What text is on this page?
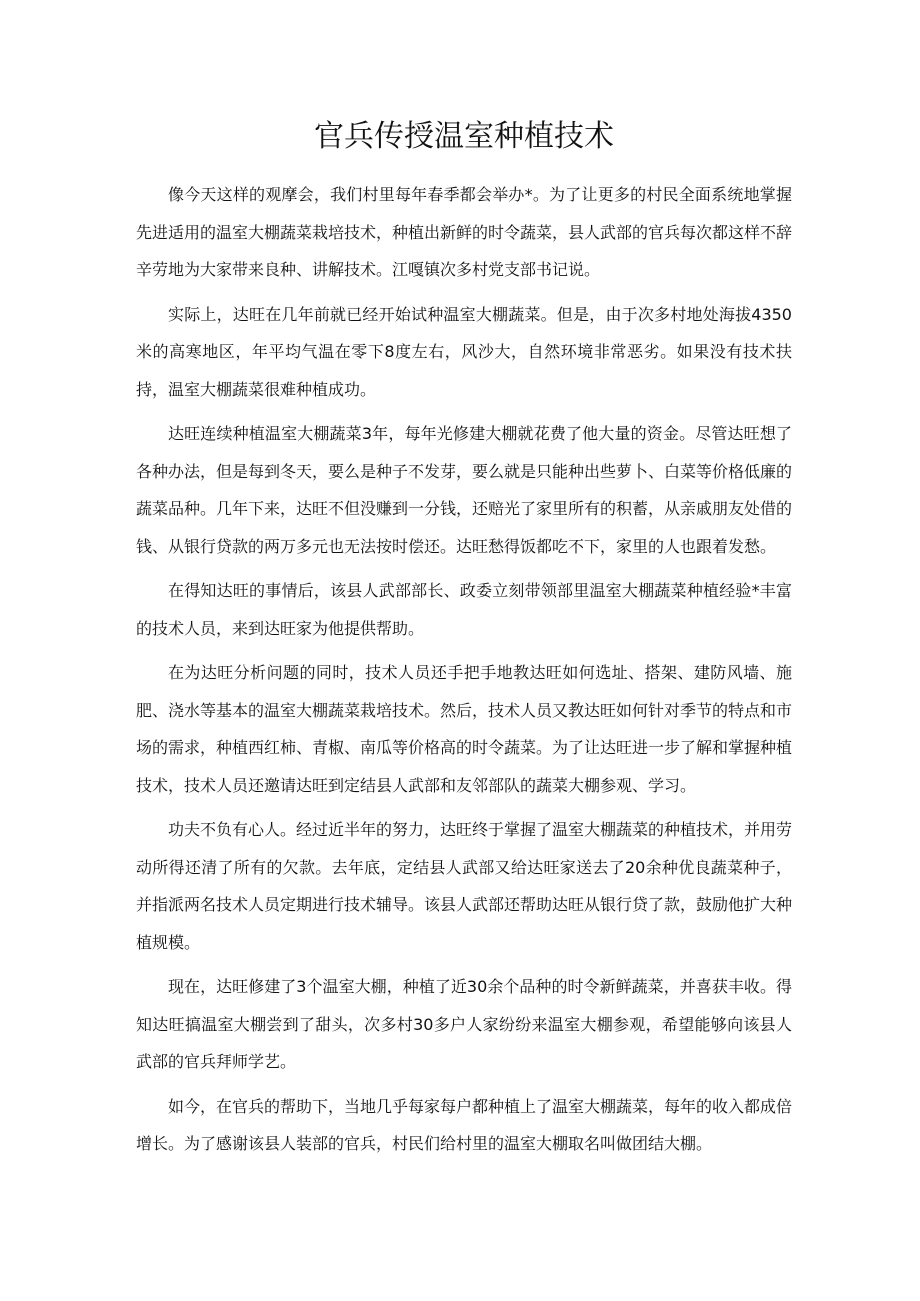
官兵传授温室种植技术

像今天这样的观摩会，我们村里每年春季都会举办*。为了让更多的村民全面系统地掌握先进适用的温室大棚蔬菜栽培技术，种植出新鲜的时令蔬菜，县人武部的官兵每次都这样不辞辛劳地为大家带来良种、讲解技术。江嘎镇次多村党支部书记说。

实际上，达旺在几年前就已经开始试种温室大棚蔬菜。但是，由于次多村地处海拔4350米的高寒地区，年平均气温在零下8度左右，风沙大，自然环境非常恶劣。如果没有技术扶持，温室大棚蔬菜很难种植成功。

达旺连续种植温室大棚蔬菜3年，每年光修建大棚就花费了他大量的资金。尽管达旺想了各种办法，但是每到冬天，要么是种子不发芽，要么就是只能种出些萝卜、白菜等价格低廉的蔬菜品种。几年下来，达旺不但没赚到一分钱，还赔光了家里所有的积蓄，从亲戚朋友处借的钱、从银行贷款的两万多元也无法按时偿还。达旺愁得饭都吃不下，家里的人也跟着发愁。

在得知达旺的事情后，该县人武部部长、政委立刻带领部里温室大棚蔬菜种植经验*丰富的技术人员，来到达旺家为他提供帮助。

在为达旺分析问题的同时，技术人员还手把手地教达旺如何选址、搭架、建防风墙、施肥、浇水等基本的温室大棚蔬菜栽培技术。然后，技术人员又教达旺如何针对季节的特点和市场的需求，种植西红柿、青椒、南瓜等价格高的时令蔬菜。为了让达旺进一步了解和掌握种植技术，技术人员还邀请达旺到定结县人武部和友邻部队的蔬菜大棚参观、学习。

功夫不负有心人。经过近半年的努力，达旺终于掌握了温室大棚蔬菜的种植技术，并用劳动所得还清了所有的欠款。去年底，定结县人武部又给达旺家送去了20余种优良蔬菜种子，并指派两名技术人员定期进行技术辅导。该县人武部还帮助达旺从银行贷了款，鼓励他扩大种植规模。

现在，达旺修建了3个温室大棚，种植了近30余个品种的时令新鲜蔬菜，并喜获丰收。得知达旺搞温室大棚尝到了甜头，次多村30多户人家纷纷来温室大棚参观，希望能够向该县人武部的官兵拜师学艺。

如今，在官兵的帮助下，当地几乎每家每户都种植上了温室大棚蔬菜，每年的收入都成倍增长。为了感谢该县人装部的官兵，村民们给村里的温室大棚取名叫做团结大棚。
